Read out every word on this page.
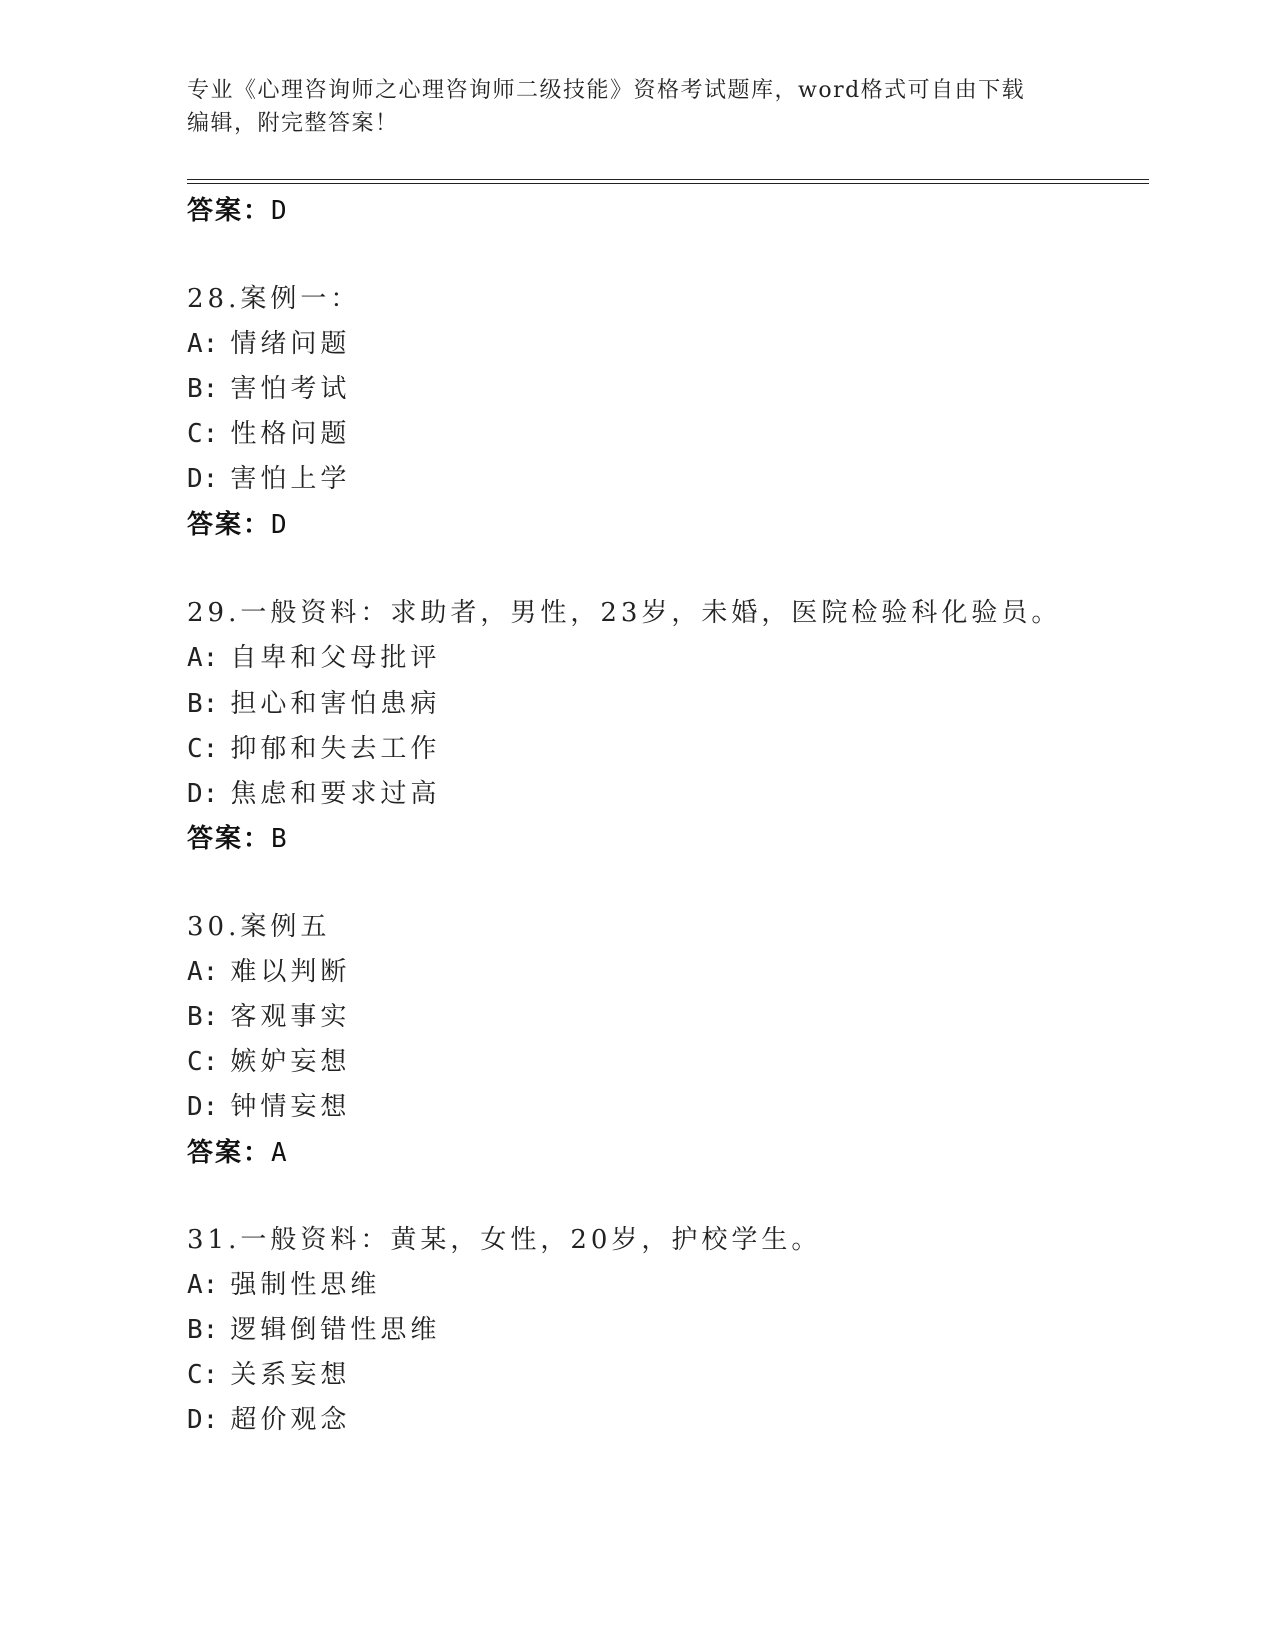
专业《心理咨询师之心理咨询师二级技能》资格考试题库，word格式可自由下载
编辑，附完整答案！
答案：D
28.案例一：
A: 情绪问题
B: 害怕考试
C: 性格问题
D: 害怕上学
答案：D
29.一般资料：求助者，男性，23岁，未婚，医院检验科化验员。
A: 自卑和父母批评
B: 担心和害怕患病
C: 抑郁和失去工作
D: 焦虑和要求过高
答案：B
30.案例五
A: 难以判断
B: 客观事实
C: 嫉妒妄想
D: 钟情妄想
答案：A
31.一般资料：黄某，女性，20岁，护校学生。
A: 强制性思维
B: 逻辑倒错性思维
C: 关系妄想
D: 超价观念
